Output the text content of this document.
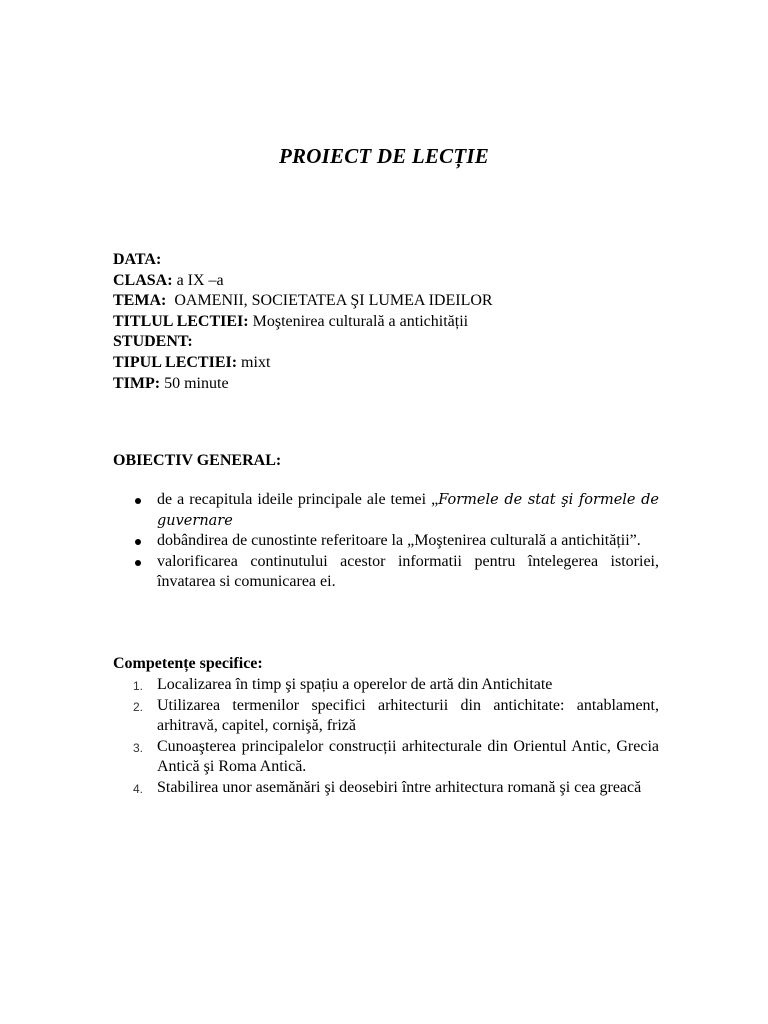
PROIECT DE LECȚIE
DATA:
CLASA: a IX –a
TEMA: OAMENII, SOCIETATEA ŞI LUMEA IDEILOR
TITLUL LECTIEI: Moştenirea culturală a antichității
STUDENT:
TIPUL LECTIEI: mixt
TIMP: 50 minute
OBIECTIV GENERAL:
de a recapitula ideile principale ale temei „Formele de stat şi formele de guvernare
dobândirea de cunostinte referitoare la „Moştenirea culturală a antichității”.
valorificarea continutului acestor informatii pentru întelegerea istoriei, învatarea si comunicarea ei.
Competențe specifice:
1. Localizarea în timp şi spațiu a operelor de artă din Antichitate
2. Utilizarea termenilor specifici arhitecturii din antichitate: antablament, arhitravă, capitel, cornişă, friză
3. Cunoaşterea principalelor construcții arhitecturale din Orientul Antic, Grecia Antică şi Roma Antică.
4. Stabilirea unor asemănări şi deosebiri între arhitectura romană şi cea greacă
